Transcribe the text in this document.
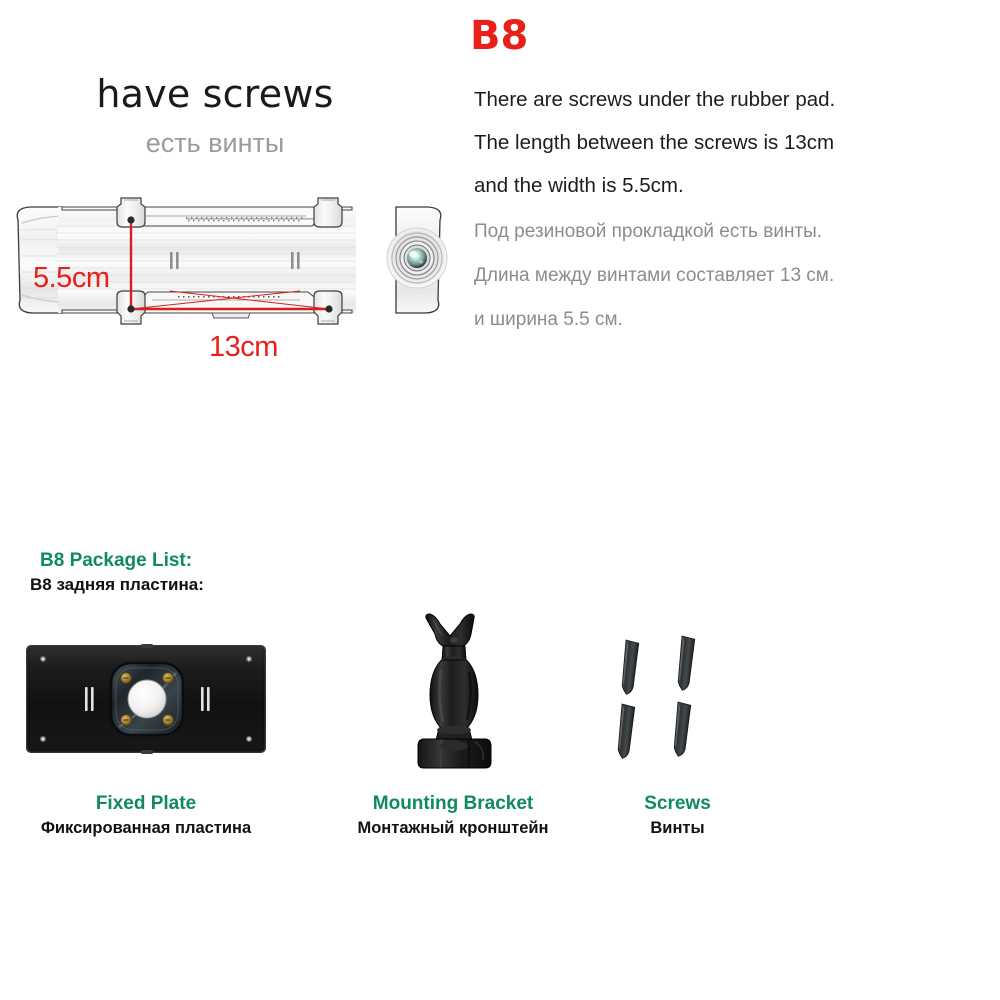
have screws
есть винты
B8
There are screws under the rubber pad.
The length between the screws is 13cm
and the width is 5.5cm.
Под резиновой прокладкой есть винты.
Длина между винтами составляет 13 см.
и ширина 5.5 см.
5.5cm
13cm
B8 Package List:
B8 задняя пластина:
Fixed Plate
Фиксированная пластина
Mounting Bracket
Монтажный кронштейн
Screws
Винты
